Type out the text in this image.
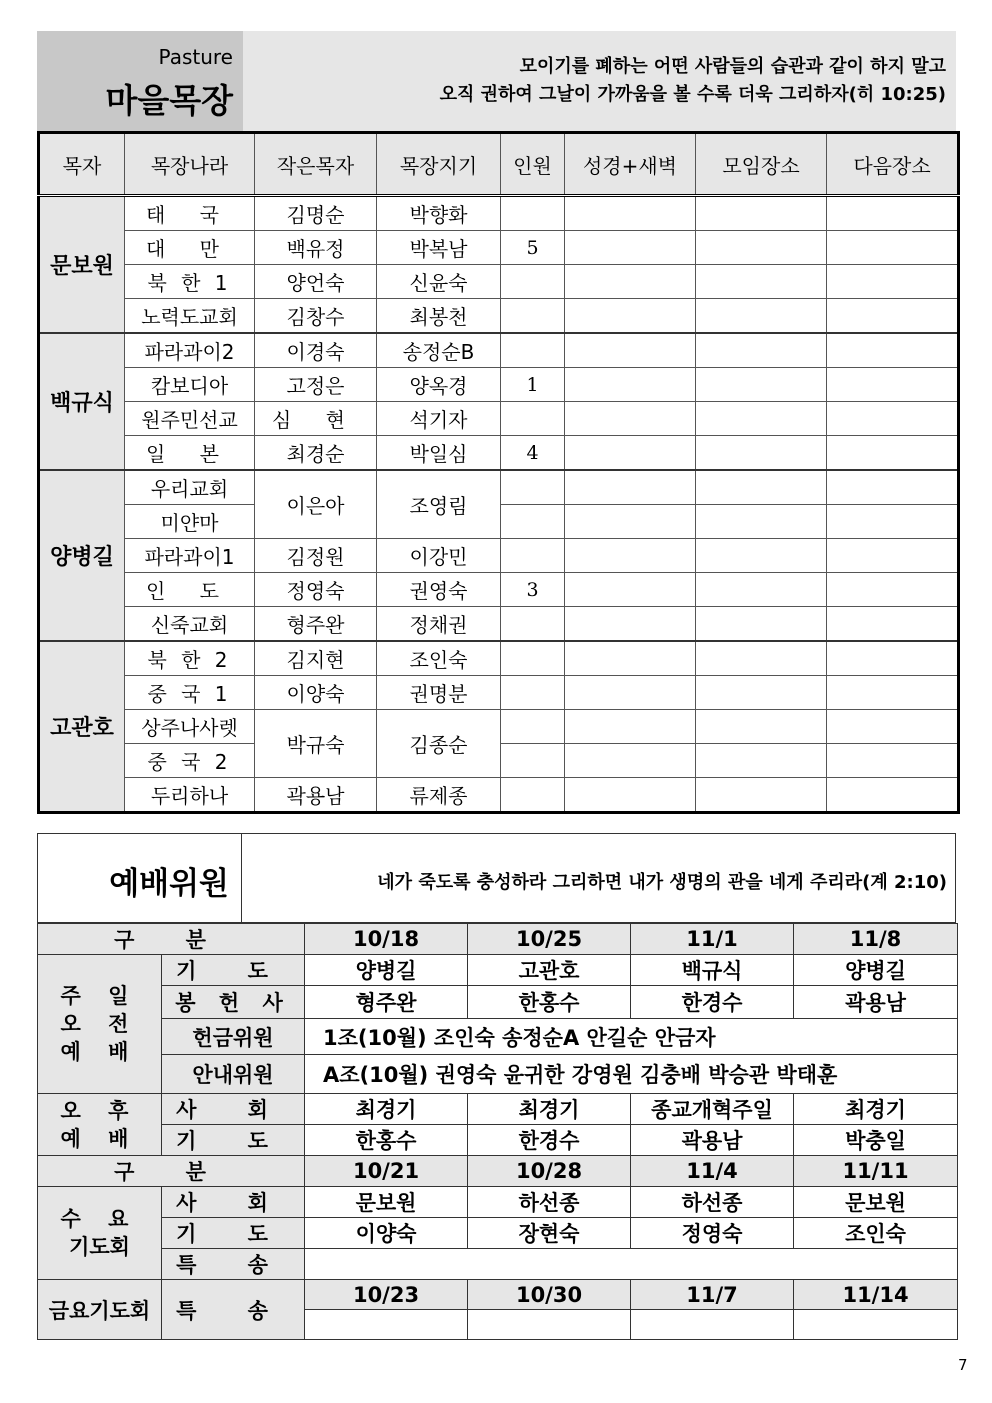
Pasture
마을목장
모이기를 폐하는 어떤 사람들의 습관과 같이 하지 말고
오직 권하여 그날이 가까움을 볼 수록 더욱 그리하자(히 10:25)
목자	목장나라	작은목자	목장지기	인원	성경+새벽	모임장소	다음장소
문보원	태 국	김명순	박향화				
	대 만	백유정	박복남	5			
	북 한 1	양언숙	신윤숙				
	노력도교회	김창수	최봉천				
백규식	파라과이2	이경숙	송정순B				
	캄보디아	고정은	양옥경	1			
	원주민선교	심 현	석기자				
	일 본	최경순	박일심	4			
양병길	우리교회	이은아	조영림				
	미얀마						
	파라과이1	김정원	이강민				
	인 도	정영숙	권영숙	3			
	신죽교회	형주완	정채권				
고관호	북 한 2	김지현	조인숙				
	중 국 1	이양숙	권명분				
	상주나사렛	박규숙	김종순				
	중 국 2						
	두리하나	곽용남	류제종				
예배위원	네가 죽도록 충성하라 그리하면 내가 생명의 관을 네게 주리라(계 2:10)
구 분		10/18	10/25	11/1	11/8

주 일
오 전
예 배	기 도	양병길	고관호	백규식	양병길
	봉 헌 사	형주완	한홍수	한경수	곽용남
	헌금위원	1조(10월) 조인숙 송정순A 안길순 안금자			
	안내위원	A조(10월) 권영숙 윤귀한 강영원 김충배 박승관 박태훈			

오 후
예 배	사 회	최경기	최경기	종교개혁주일	최경기
	기 도	한홍수	한경수	곽용남	박충일
구 분		10/21	10/28	11/4	11/11

수 요
기도회	사 회	문보원	하선종	하선종	문보원
	기 도	이양숙	장현숙	정영숙	조인숙
	특 송				
금요기도회	특 송	10/23	10/30	11/7	11/14

7
